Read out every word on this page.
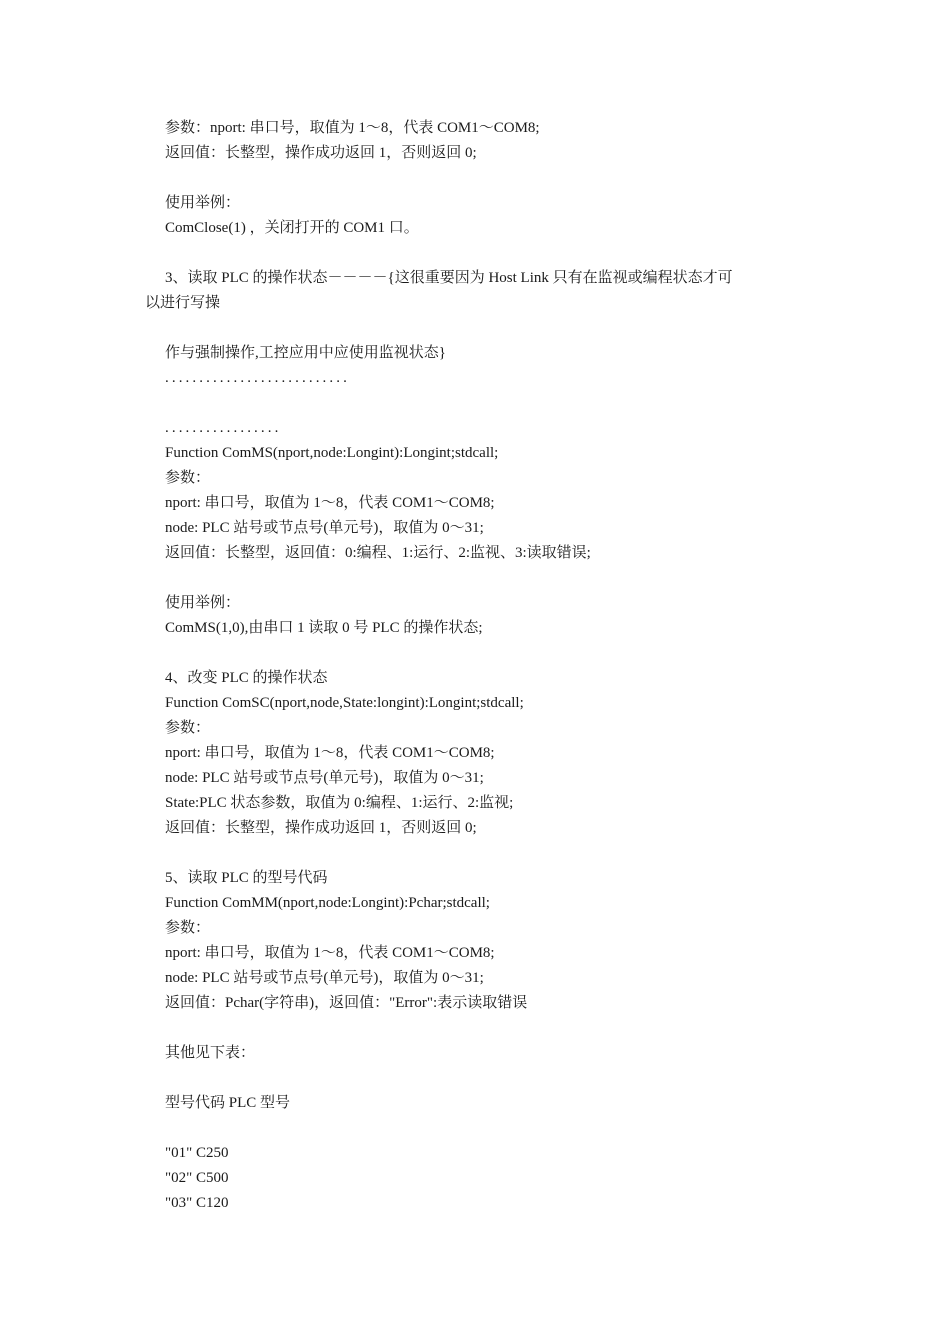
参数：nport: 串口号，取值为 1～8，代表 COM1～COM8;
返回值：长整型，操作成功返回 1，否则返回 0;
使用举例：
ComClose(1) ，关闭打开的 COM1 口。
3、读取 PLC 的操作状态－－－－{这很重要因为 Host Link 只有在监视或编程状态才可
以进行写操
作与强制操作,工控应用中应使用监视状态}
...........................
.................
Function ComMS(nport,node:Longint):Longint;stdcall;
参数：
nport: 串口号，取值为 1～8，代表 COM1～COM8;
node: PLC 站号或节点号(单元号)，取值为 0～31;
返回值：长整型，返回值：0:编程、1:运行、2:监视、3:读取错误;
使用举例：
ComMS(1,0),由串口 1 读取 0 号 PLC 的操作状态;
4、改变 PLC 的操作状态
Function ComSC(nport,node,State:longint):Longint;stdcall;
参数：
nport: 串口号，取值为 1～8，代表 COM1～COM8;
node: PLC 站号或节点号(单元号)，取值为 0～31;
State:PLC 状态参数，取值为 0:编程、1:运行、2:监视;
返回值：长整型，操作成功返回 1，否则返回 0;
5、读取 PLC 的型号代码
Function ComMM(nport,node:Longint):Pchar;stdcall;
参数：
nport: 串口号，取值为 1～8，代表 COM1～COM8;
node: PLC 站号或节点号(单元号)，取值为 0～31;
返回值：Pchar(字符串)，返回值："Error":表示读取错误
其他见下表：
型号代码 PLC 型号
"01" C250
"02" C500
"03" C120
